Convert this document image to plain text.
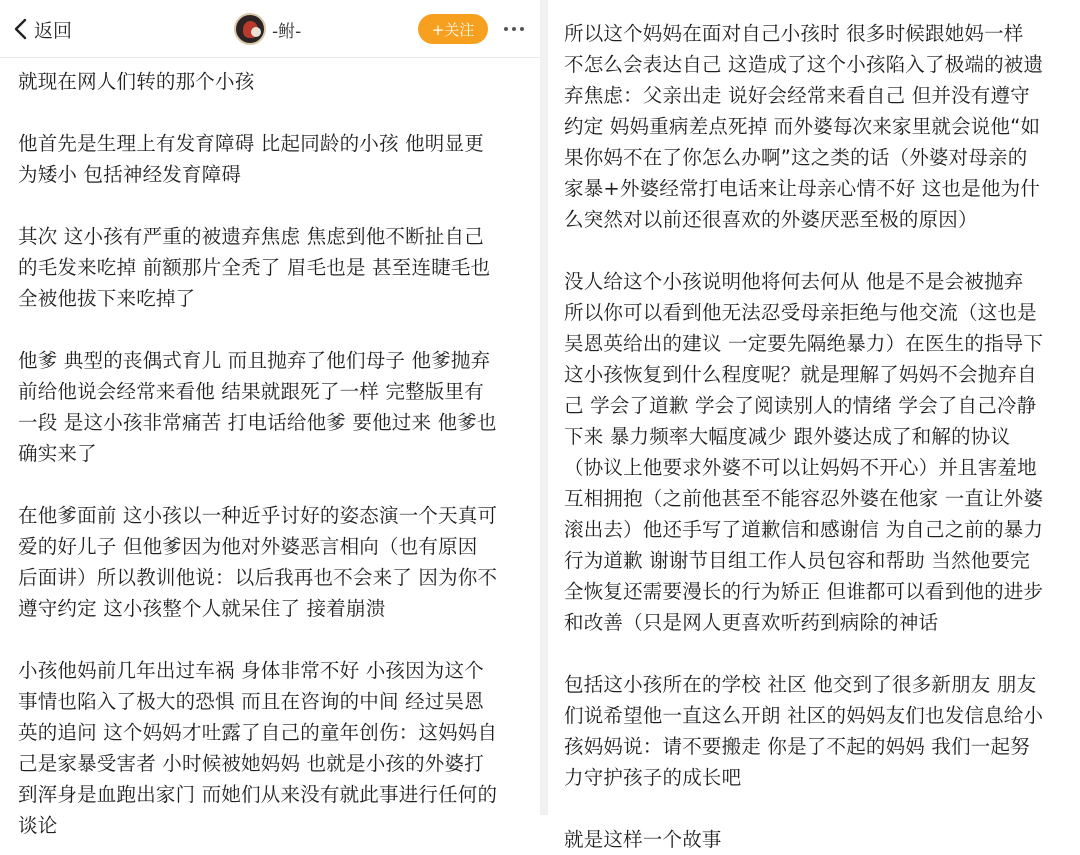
返回	-鲋-	+关注
就现在网人们转的那个小孩

他首先是生理上有发育障碍 比起同龄的小孩 他明显更
为矮小 包括神经发育障碍

其次 这小孩有严重的被遗弃焦虑 焦虑到他不断扯自己
的毛发来吃掉 前额那片全秃了 眉毛也是 甚至连睫毛也
全被他拔下来吃掉了

他爹 典型的丧偶式育儿 而且抛弃了他们母子 他爹抛弃
前给他说会经常来看他 结果就跟死了一样 完整版里有
一段 是这小孩非常痛苦 打电话给他爹 要他过来 他爹也
确实来了

在他爹面前 这小孩以一种近乎讨好的姿态演一个天真可
爱的好儿子 但他爹因为他对外婆恶言相向（也有原因
后面讲）所以教训他说：以后我再也不会来了 因为你不
遵守约定 这小孩整个人就呆住了 接着崩溃

小孩他妈前几年出过车祸 身体非常不好 小孩因为这个
事情也陷入了极大的恐惧 而且在咨询的中间 经过吴恩
英的追问 这个妈妈才吐露了自己的童年创伤：这妈妈自
己是家暴受害者 小时候被她妈妈 也就是小孩的外婆打
到浑身是血跑出家门 而她们从来没有就此事进行任何的
谈论
所以这个妈妈在面对自己小孩时 很多时候跟她妈一样
不怎么会表达自己 这造成了这个小孩陷入了极端的被遗
弃焦虑：父亲出走 说好会经常来看自己 但并没有遵守
约定 妈妈重病差点死掉 而外婆每次来家里就会说他“如
果你妈不在了你怎么办啊”这之类的话（外婆对母亲的
家暴+外婆经常打电话来让母亲心情不好 这也是他为什
么突然对以前还很喜欢的外婆厌恶至极的原因）

没人给这个小孩说明他将何去何从 他是不是会被抛弃
所以你可以看到他无法忍受母亲拒绝与他交流（这也是
吴恩英给出的建议 一定要先隔绝暴力）在医生的指导下
这小孩恢复到什么程度呢？就是理解了妈妈不会抛弃自
己 学会了道歉 学会了阅读别人的情绪 学会了自己冷静
下来 暴力频率大幅度减少 跟外婆达成了和解的协议
（协议上他要求外婆不可以让妈妈不开心）并且害羞地
互相拥抱（之前他甚至不能容忍外婆在他家 一直让外婆
滚出去）他还手写了道歉信和感谢信 为自己之前的暴力
行为道歉 谢谢节目组工作人员包容和帮助 当然他要完
全恢复还需要漫长的行为矫正 但谁都可以看到他的进步
和改善（只是网人更喜欢听药到病除的神话

包括这小孩所在的学校 社区 他交到了很多新朋友 朋友
们说希望他一直这么开朗 社区的妈妈友们也发信息给小
孩妈妈说：请不要搬走 你是了不起的妈妈 我们一起努
力守护孩子的成长吧

就是这样一个故事
